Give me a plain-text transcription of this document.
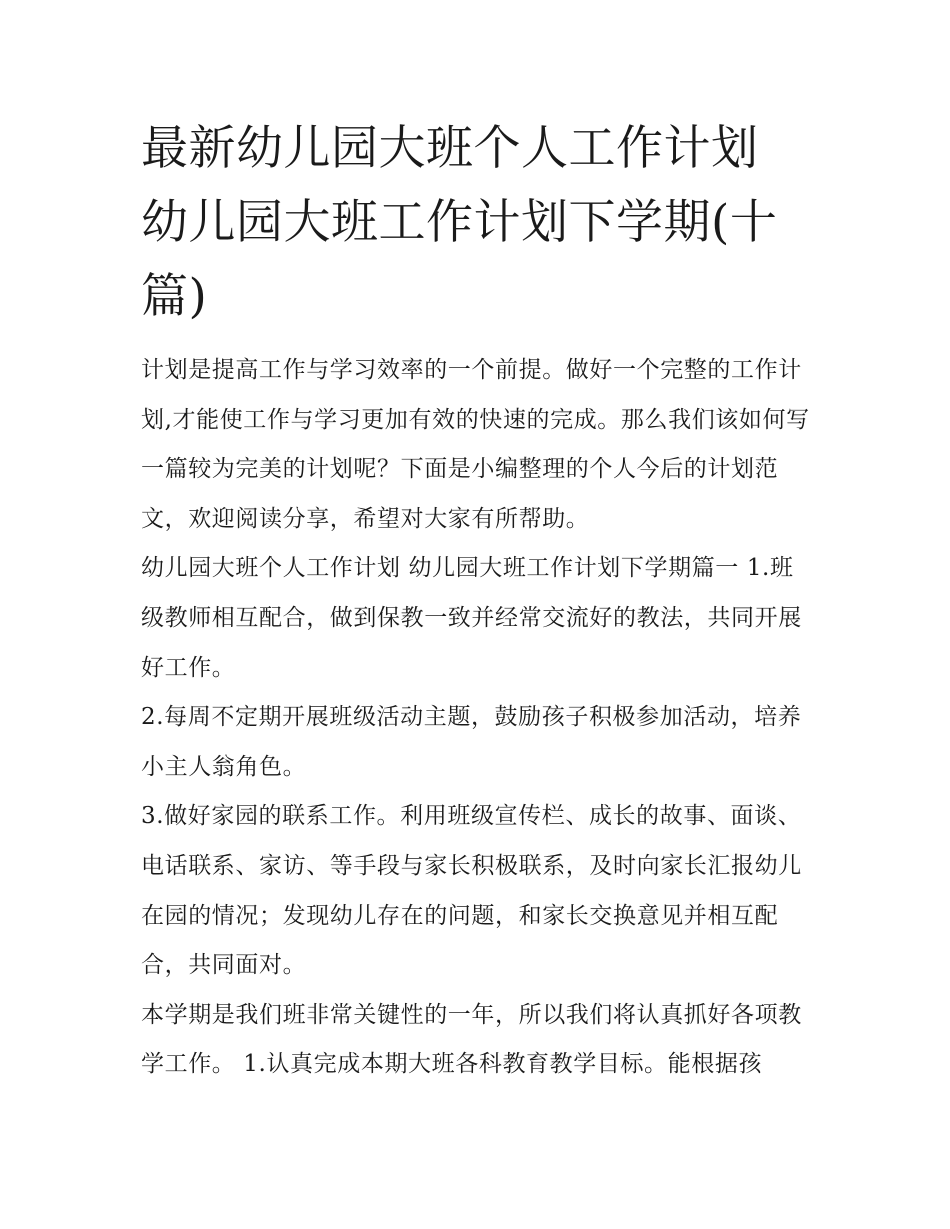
最新幼儿园大班个人工作计划 幼儿园大班工作计划下学期(十篇)

计划是提高工作与学习效率的一个前提。做好一个完整的工作计划,才能使工作与学习更加有效的快速的完成。那么我们该如何写一篇较为完美的计划呢？下面是小编整理的个人今后的计划范文，欢迎阅读分享，希望对大家有所帮助。

幼儿园大班个人工作计划 幼儿园大班工作计划下学期篇一 1.班级教师相互配合，做到保教一致并经常交流好的教法，共同开展好工作。

2.每周不定期开展班级活动主题，鼓励孩子积极参加活动，培养小主人翁角色。

3.做好家园的联系工作。利用班级宣传栏、成长的故事、面谈、电话联系、家访、等手段与家长积极联系，及时向家长汇报幼儿在园的情况；发现幼儿存在的问题，和家长交换意见并相互配合，共同面对。

本学期是我们班非常关键性的一年，所以我们将认真抓好各项教学工作。 1.认真完成本期大班各科教育教学目标。能根据孩
